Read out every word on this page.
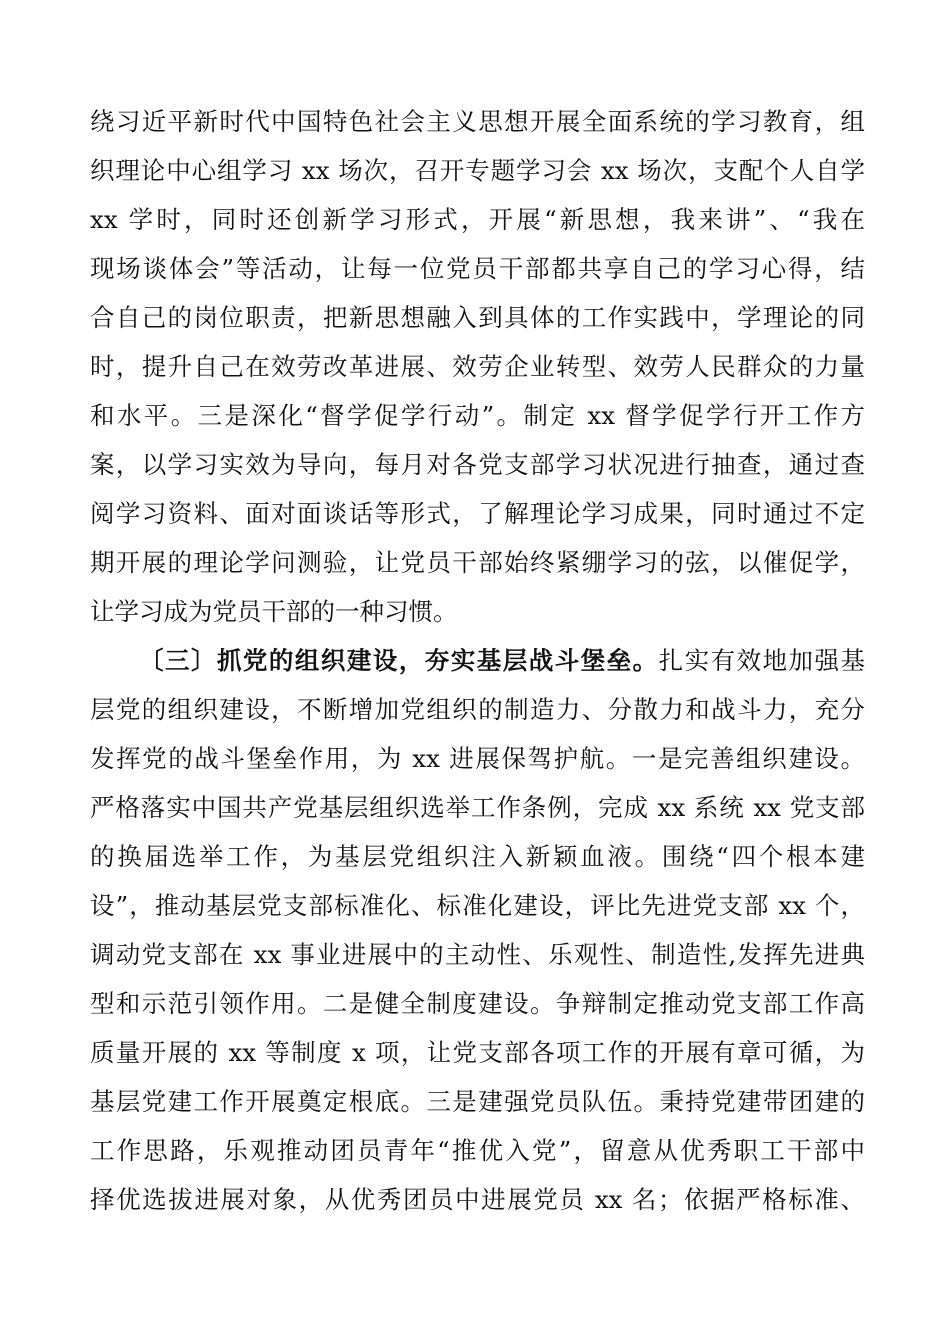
绕习近平新时代中国特色社会主义思想开展全面系统的学习教育，组
织理论中心组学习 xx 场次，召开专题学习会 xx 场次，支配个人自学
xx 学时，同时还创新学习形式，开展“新思想，我来讲”、“我在
现场谈体会”等活动，让每一位党员干部都共享自己的学习心得，结
合自己的岗位职责，把新思想融入到具体的工作实践中，学理论的同
时，提升自己在效劳改革进展、效劳企业转型、效劳人民群众的力量
和水平。三是深化“督学促学行动”。制定 xx 督学促学行开工作方
案，以学习实效为导向，每月对各党支部学习状况进行抽查，通过查
阅学习资料、面对面谈话等形式，了解理论学习成果，同时通过不定
期开展的理论学问测验，让党员干部始终紧绷学习的弦，以催促学，
让学习成为党员干部的一种习惯。
〔三〕抓党的组织建设，夯实基层战斗堡垒。扎实有效地加强基
层党的组织建设，不断增加党组织的制造力、分散力和战斗力，充分
发挥党的战斗堡垒作用，为 xx 进展保驾护航。一是完善组织建设。
严格落实中国共产党基层组织选举工作条例，完成 xx 系统 xx 党支部
的换届选举工作，为基层党组织注入新颖血液。围绕“四个根本建
设”，推动基层党支部标准化、标准化建设，评比先进党支部 xx 个，
调动党支部在 xx 事业进展中的主动性、乐观性、制造性,发挥先进典
型和示范引领作用。二是健全制度建设。争辩制定推动党支部工作高
质量开展的 xx 等制度 x 项，让党支部各项工作的开展有章可循，为
基层党建工作开展奠定根底。三是建强党员队伍。秉持党建带团建的
工作思路，乐观推动团员青年“推优入党”，留意从优秀职工干部中
择优选拔进展对象，从优秀团员中进展党员 xx 名；依据严格标准、
